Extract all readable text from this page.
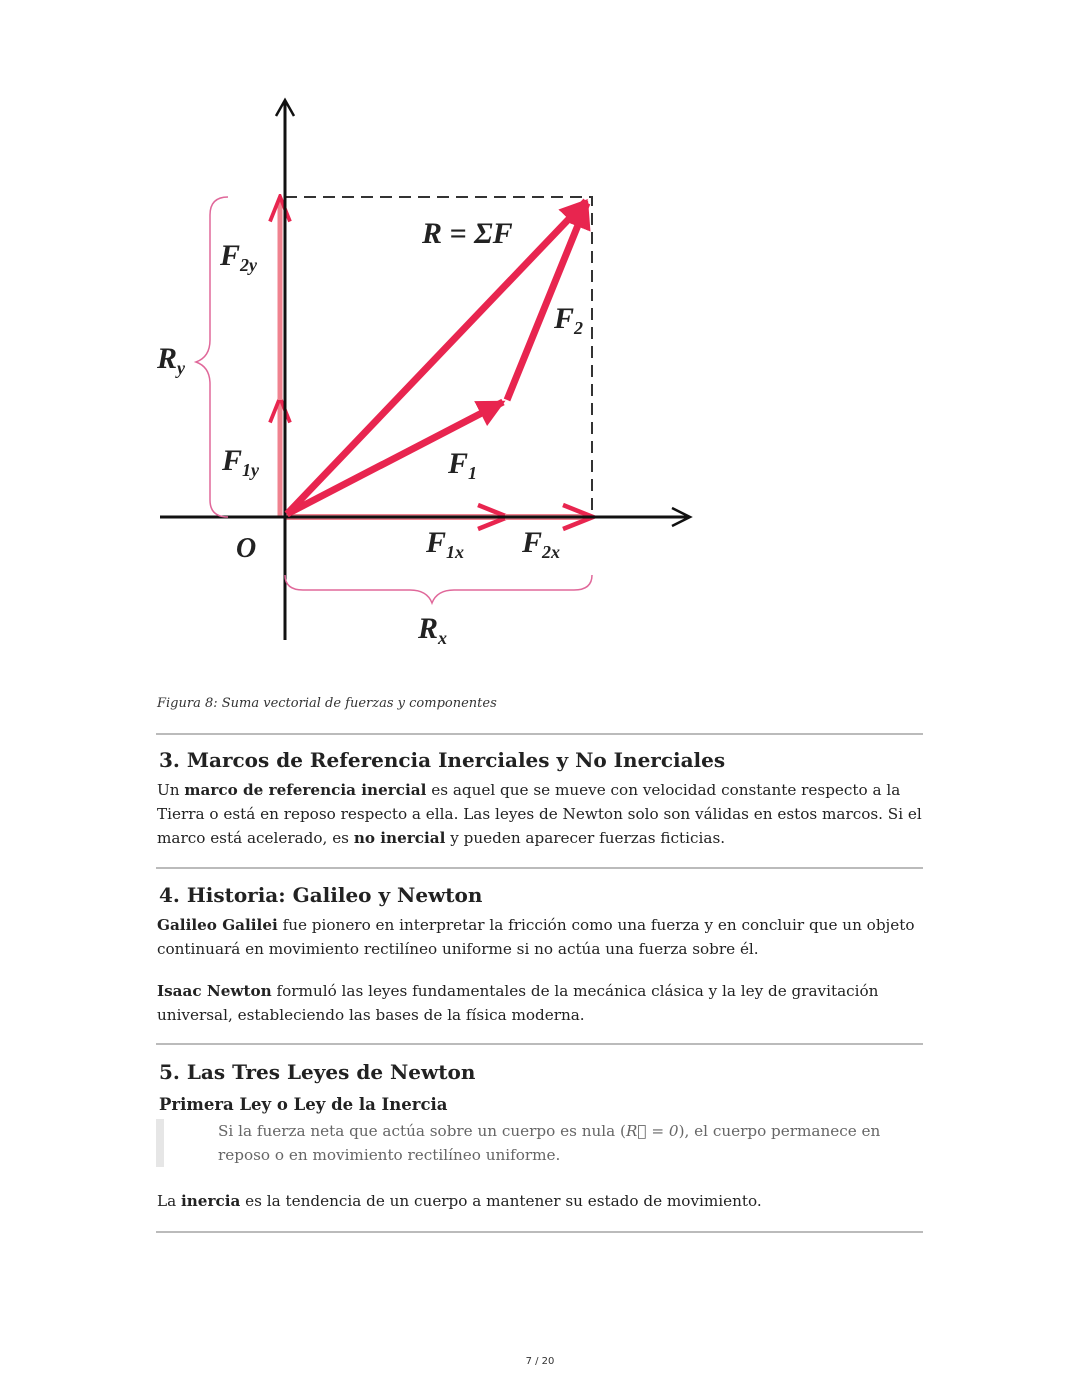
R = ΣF
$F_2$
$F_1$
$F_{2y}$
$F_{1y}$
$R_y$
$F_{1x}$ $F_{2x}$
$R_x$
O
Figura 8: Suma vectorial de fuerzas y componentes
3. Marcos de Referencia Inerciales y No Inerciales

Un marco de referencia inercial es aquel que se mueve con velocidad constante respecto a la Tierra o está en reposo respecto a ella. Las leyes de Newton solo son válidas en estos marcos. Si el marco está acelerado, es no inercial y pueden aparecer fuerzas ficticias.

4. Historia: Galileo y Newton

Galileo Galilei fue pionero en interpretar la fricción como una fuerza y en concluir que un objeto continuará en movimiento rectilíneo uniforme si no actúa una fuerza sobre él.

Isaac Newton formuló las leyes fundamentales de la mecánica clásica y la ley de gravitación universal, estableciendo las bases de la física moderna.

5. Las Tres Leyes de Newton
Primera Ley o Ley de la Inercia
Si la fuerza neta que actúa sobre un cuerpo es nula (R⃗ = 0), el cuerpo permanece en reposo o en movimiento rectilíneo uniforme.

La inercia es la tendencia de un cuerpo a mantener su estado de movimiento.

7 / 20
